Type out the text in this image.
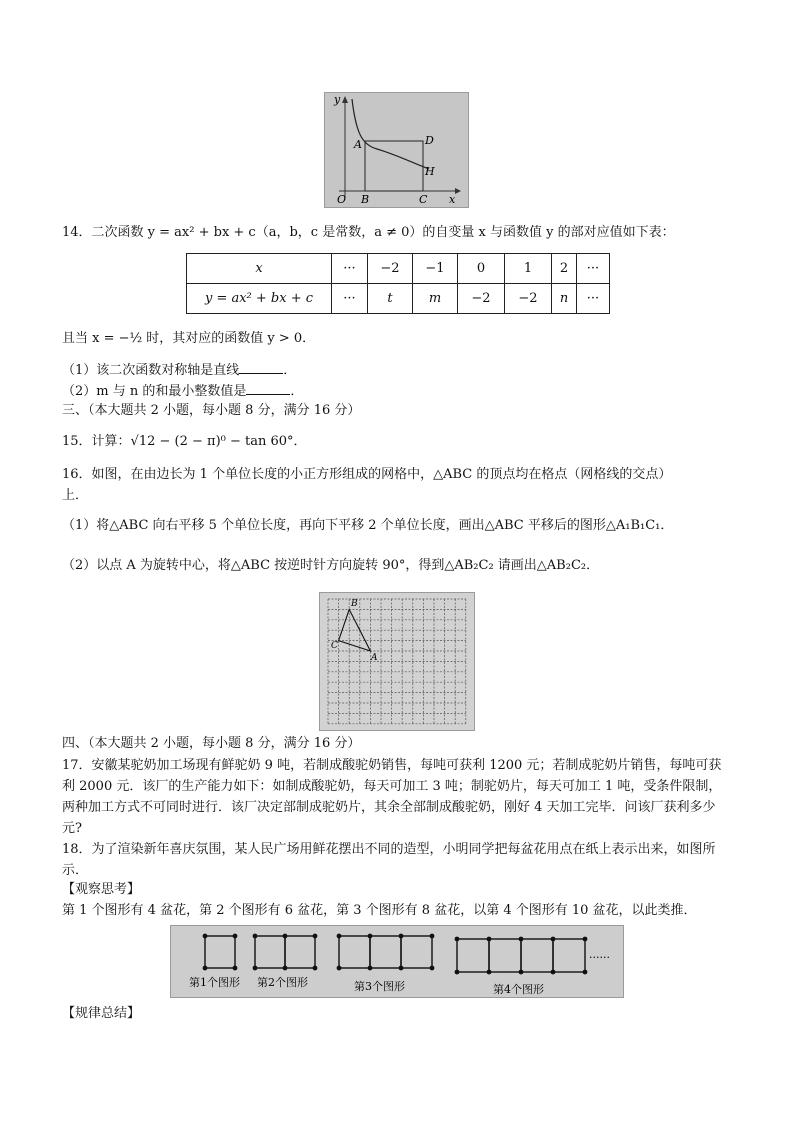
y
x
O
A
B	C
D
H
14．二次函数 y = ax² + bx + c（a，b，c 是常数，a ≠ 0）的自变量 x 与函数值 y 的部对应值如下表：
x	···	−2	−1	0	1	2	···
y = ax² + bx + c	···	t	m	−2	−2	n	···
且当 x = −½ 时，其对应的函数值 y > 0．
（1）该二次函数对称轴是直线	．
（2）m 与 n 的和最小整数值是	．
三、（本大题共 2 小题，每小题 8 分，满分 16 分）
15．计算：√12 − (2 − π)⁰ − tan 60°．
16．如图，在由边长为 1 个单位长度的小正方形组成的网格中，△ABC 的顶点均在格点（网格线的交点）
上．
（1）将△ABC 向右平移 5 个单位长度，再向下平移 2 个单位长度，画出△ABC 平移后的图形△A₁B₁C₁．
（2）以点 A 为旋转中心，将△ABC 按逆时针方向旋转 90°，得到△AB₂C₂ 请画出△AB₂C₂．
B
C
A
四、（本大题共 2 小题，每小题 8 分，满分 16 分）
17．安徽某驼奶加工场现有鲜驼奶 9 吨，若制成酸驼奶销售，每吨可获利 1200 元；若制成驼奶片销售，每吨可获利 2000 元．该厂的生产能力如下：如制成酸驼奶，每天可加工 3 吨；制驼奶片，每天可加工 1 吨，受条件限制，两种加工方式不可同时进行．该厂决定部制成驼奶片，其余全部制成酸驼奶，刚好 4 天加工完毕．问该厂获利多少元?
18．为了渲染新年喜庆氛围，某人民广场用鲜花摆出不同的造型，小明同学把每盆花用点在纸上表示出来，如图所示．
【观察思考】
第 1 个图形有 4 盆花，第 2 个图形有 6 盆花，第 3 个图形有 8 盆花，以第 4 个图形有 10 盆花，以此类推．
第1个图形 第2个图形	第3个图形	第4个图形
······
【规律总结】
